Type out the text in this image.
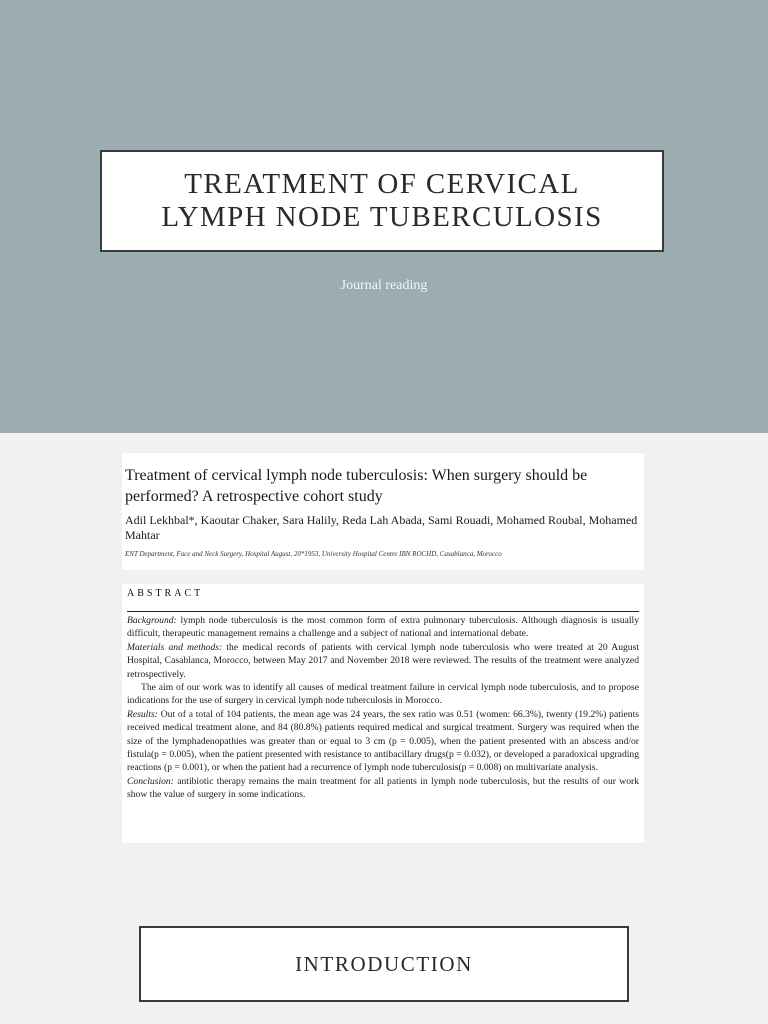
TREATMENT OF CERVICAL
LYMPH NODE TUBERCULOSIS
Journal reading
Treatment of cervical lymph node tuberculosis: When surgery should be performed? A retrospective cohort study
Adil Lekhbal*, Kaoutar Chaker, Sara Halily, Reda Lah Abada, Sami Rouadi, Mohamed Roubal, Mohamed Mahtar
ENT Department, Face and Neck Surgery, Hospital August, 20*1953, University Hospital Centre IBN ROCHD, Casablanca, Morocco
ABSTRACT

Background: lymph node tuberculosis is the most common form of extra pulmonary tuberculosis. Although diagnosis is usually difficult, therapeutic management remains a challenge and a subject of national and international debate.

Materials and methods: the medical records of patients with cervical lymph node tuberculosis who were treated at 20 August Hospital, Casablanca, Morocco, between May 2017 and November 2018 were reviewed. The results of the treatment were analyzed retrospectively.

The aim of our work was to identify all causes of medical treatment failure in cervical lymph node tuberculosis, and to propose indications for the use of surgery in cervical lymph node tuberculosis in Morocco.

Results: Out of a total of 104 patients, the mean age was 24 years, the sex ratio was 0.51 (women: 66.3%), twenty (19.2%) patients received medical treatment alone, and 84 (80.8%) patients required medical and surgical treatment. Surgery was required when the size of the lymphadenopathies was greater than or equal to 3 cm (p = 0.005), when the patient presented with an abscess and/or fistula(p = 0.005), when the patient presented with resistance to antibacillary drugs(p = 0.032), or developed a paradoxical upgrading reactions (p = 0.001), or when the patient had a recurrence of lymph node tuberculosis(p = 0.008) on multivariate analysis.

Conclusion: antibiotic therapy remains the main treatment for all patients in lymph node tuberculosis, but the results of our work show the value of surgery in some indications.

INTRODUCTION
